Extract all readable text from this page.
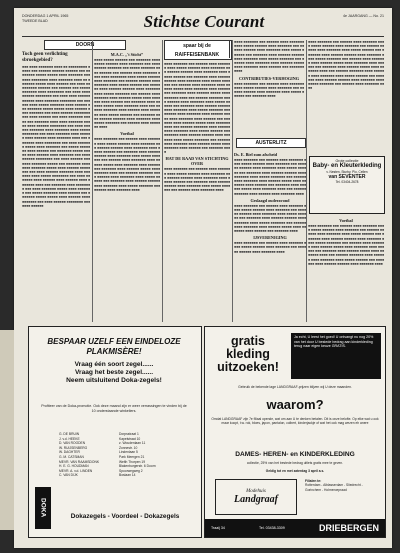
DONDERDAG 1 APRIL 1965
TWEEDE BLAD	Stichtse Courant	4e JAARGANG — No. 21
DOORN
Toch geen verlichting sbroekgebied?
■■■ ■■■■ ■■■■■■■ ■■■■ ■■ ■■■■■■■■■ ■■■■■ ■■■ ■■■■■■ ■■■■■■ ■■■■■■ ■■■ ■■■■■■■■ ■■■■■ ■■■■■ ■■■■ ■■■■■■■ ■■■ ■■■■ ■■■■■■■■ ■■■■ ■■■■■■■ ■■■■ ■■ ■■■■■■■ ■■■■■ ■■■■ ■■■■■■ ■■■ ■■■■ ■■■■■■■■■ ■■■■■■ ■■■ ■■■■■■ ■■■ ■■■■■ ■■■■■■■ ■■■■ ■■■■■■■■ ■■■ ■■■■ ■■■■ ■■■■■■ ■■■■■■■■ ■■■ ■■■■ ■■■■ ■■■■■■ ■■■■■■ ■■■■ ■■■■■■■ ■■■■■■■■ ■■■ ■■■■■■ ■■■■ ■■■■■ ■■■■■■■ ■■■■ ■■■■■■ ■■■ ■■■■■■■ ■■■■■ ■■■■■ ■■■■ ■■■■■■ ■■■■ ■■■■■■■ ■■■ ■■■■ ■■■■■■ ■■■■■■■■ ■■■ ■■■■ ■■■■■■ ■■■ ■■■■ ■■■■■■■ ■■■■■ ■■■ ■■■■■■■ ■■■■ ■■■■ ■■■■■■■ ■■■■■ ■■■■ ■■■■■■ ■■■■■■■■ ■■■ ■■■■ ■■■■■■ ■■■■■■■ ■■■■ ■■■■■■■ ■■■■ ■■■■■ ■■■■■■■■ ■■■ ■■■■ ■■■■■■■ ■■■■ ■■■■■■ ■■■■ ■■■■■■ ■■■■ ■■■■■■■ ■■■■ ■■■ ■■■■■■■ ■■■■ ■■■■■■■■ ■■■ ■■■■ ■■■■■■■ ■■■■■ ■■■■ ■■■■■■■ ■■■ ■■■■■ ■■■■■■■ ■■■■ ■■■■■■ ■■■ ■■■■■■■ ■■■■■ ■■■■■ ■■■■ ■■■■■■ ■■■■ ■■■■■■■ ■■■ ■■■■ ■■■■■■ ■■■■■■■■ ■■■ ■■■■ ■■■■■■ ■■■ ■■■■ ■■■■■■■ ■■■■■ ■■■ ■■■■■■■ ■■■■ ■■■■ ■■■■■■■ ■■■■■ ■■■■ ■■■■■■ ■■■■■■■■ ■■■ ■■■■ ■■■■■■ ■■■■■■■ ■■■■ ■■■■■■■ ■■■■ ■■■■■ ■■■■■■■■ ■■■ ■■■■ ■■■■■■■ ■■■■ ■■■■■■ ■■■■ ■■■■■■ ■■■■ ■■■■■■■ ■■■■ ■■■ ■■■■■■■ ■■■■ ■■■■■■■■ ■■■ ■■■■ ■■■■■■■ ■■■■■ ■■■■ ■■■■■■■ ■■■ ■■■■■ ■■■■■■■ ■■■■ ■■■■■■ ■■■ ■■■■■■■ ■■■■■ ■■■■■ ■■■■ ■■■■■■ ■■■■ ■■■■■■■ ■■■ ■■■■ ■■■■■■ ■■■■■■■■ ■■■ ■■■■ ■■■■■■
M.A.C. „'t Sticht”
■■■■ ■■■■■ ■■■■■■ ■■■ ■■■■■■■ ■■■■ ■■■■■ ■■■■■■ ■■■■ ■■■■■■■ ■■■ ■■■■ ■■■■■■ ■■■■■■■ ■■■ ■■■■■ ■■■■■■■ ■■■■ ■■■■■■ ■■■ ■■■■■■ ■■■■ ■■■■■■■ ■■■■ ■■■■ ■■■■■■■■ ■■■■ ■■■■■ ■■■■■■ ■■■■ ■■■■■■■ ■■■ ■■■■■■ ■■■■■■ ■■■■ ■■■■■■■ ■■■■ ■■■■■ ■■■■■■ ■■■ ■■■■■■■ ■■■■ ■■■■■■ ■■■■■■ ■■■■ ■■■■■■■ ■■■■ ■■■■■ ■■■■■■■ ■■■ ■■■■■■ ■■■■ ■■■■■■■ ■■■■ ■■■■■■ ■■■■■ ■■■■ ■■■■■■■ ■■■■ ■■■■■■ ■■■ ■■■■■■■ ■■■■ ■■■■■■ ■■■■■ ■■■■ ■■■■■■■ ■■■■ ■■■ ■■■■■■ ■■■■■■■ ■■■■ ■■■■■■ ■■■■ ■■■■■■■ ■■■■ ■■■■■ ■■■■■■ ■■■ ■■■■■■■ ■■■■ ■■■■■■ ■■■■■■ ■■■■ ■■■■■■■ ■■■■ ■■■■■ ■■■■■■■ ■■■ ■■■■■■ ■■■■ ■■■■■■■ ■■■■
Voetbal
■■■■ ■■■■■■■ ■■■ ■■■■■■ ■■■■ ■■■■■■■ ■■■■ ■■■■■ ■■■■■■ ■■■■ ■■■■■■■ ■■■ ■■■■■■ ■■■■■■ ■■■■ ■■■■■■■ ■■■■ ■■■■■ ■■■■■■ ■■■ ■■■■■■■ ■■■■ ■■■■■■ ■■■■■■ ■■■■ ■■■■■■■ ■■■■ ■■■■■ ■■■■■■■ ■■■ ■■■■■■ ■■■■ ■■■■■■■ ■■■■ ■■■■■■ ■■■■■ ■■■■ ■■■■■■■ ■■■■ ■■■■■■ ■■■ ■■■■■■■ ■■■■ ■■■■■■ ■■■■■ ■■■■ ■■■■■■■ ■■■■ ■■■ ■■■■■■ ■■■■■■■ ■■■■ ■■■■■■ ■■■■ ■■■■■■■ ■■■■ ■■■■■ ■■■■■■ ■■■ ■■■■■■■ ■■■■ ■■■■■■ ■■■■■■ ■■■■ ■■■■■■■ ■■■■ ■■■■■ ■■■■■■■ ■■■ ■■■■■■ ■■■■ ■■■■■■■ ■■■■
spaar bij de RAIFFEISENBANK
■■■■ ■■■■■■■ ■■■ ■■■■■■ ■■■■ ■■■■■■■ ■■■■ ■■■■■ ■■■■■■ ■■■■ ■■■■■■■ ■■■ ■■■■■■ ■■■■■■ ■■■■ ■■■■■■■ ■■■■ ■■■■■ ■■■■■■ ■■■ ■■■■■■■ ■■■■ ■■■■■■ ■■■■■■ ■■■■ ■■■■■■■ ■■■■ ■■■■■ ■■■■■■■ ■■■ ■■■■■■ ■■■■ ■■■■■■■ ■■■■ ■■■■■■ ■■■■■ ■■■■ ■■■■■■■ ■■■■ ■■■■■■ ■■■ ■■■■■■■ ■■■■ ■■■■■■ ■■■■■ ■■■■ ■■■■■■■ ■■■■ ■■■ ■■■■■■ ■■■■■■■ ■■■■ ■■■■■■ ■■■■ ■■■■■■■ ■■■■ ■■■■■ ■■■■■■ ■■■ ■■■■■■■ ■■■■ ■■■■■■ ■■■■■■ ■■■■ ■■■■■■■ ■■■■ ■■■■■ ■■■■■■■ ■■■ ■■■■■■ ■■■■ ■■■■■■■ ■■■■ ■■■■■■ ■■■■■ ■■■■ ■■■■■■■ ■■■■ ■■■■■■ ■■■ ■■■■■■■ ■■■■ ■■■■■■ ■■■■■ ■■■■ ■■■■■■■ ■■■■ ■■■ ■■■■■■ ■■■■■■■ ■■■■ ■■■■■■ ■■■■ ■■■■■■■ ■■■■ ■■■■■ ■■■■■■ ■■■ ■■■■■■■ ■■■■ ■■■■■■ ■■■■■■ ■■■■ ■■■■■■■ ■■■■ ■■■■■ ■■■■■■■ ■■■ ■■■■■■ ■■■■ ■■■■■■■ ■■■■ ■■■■■■ ■■■■■ ■■■■ ■■■■■■■ ■■■■ ■■■■■■ ■■■ ■■■■■■■ ■■■■
HAT DE RAAD VAN STICHTING OVER
■■■■ ■■■■■■■ ■■■ ■■■■■■ ■■■■ ■■■■■■■ ■■■■ ■■■■■ ■■■■■■ ■■■■ ■■■■■■■ ■■■ ■■■■■■ ■■■■■■ ■■■■ ■■■■■■■ ■■■■ ■■■■■ ■■■■■■ ■■■ ■■■■■■■ ■■■■ ■■■■■■ ■■■■■■ ■■■■ ■■■■■■■ ■■■■ ■■■■■ ■■■■■■■ ■■■ ■■■■■■ ■■■■ ■■■■■■■ ■■■■
■■■■ ■■■■■■■ ■■■ ■■■■■■ ■■■■ ■■■■■■■ ■■■■ ■■■■■ ■■■■■■ ■■■■ ■■■■■■■ ■■■ ■■■■■■ ■■■■■■ ■■■■ ■■■■■■■ ■■■■ ■■■■■ ■■■■■■ ■■■ ■■■■■■■ ■■■■ ■■■■■■ ■■■■■■ ■■■■ ■■■■■■■ ■■■■ ■■■■■ ■■■■■■■ ■■■ ■■■■■■ ■■■■ ■■■■■■■ ■■■■ ■■■■■■ ■■■■■ ■■■■ ■■■■■■■ ■■■■ ■■■■■■ ■■■ ■■■■■■■ ■■■■
CONTRIBUTIES-VERHOGING
■■■■ ■■■■■■■ ■■■ ■■■■■■ ■■■■ ■■■■■■■ ■■■■ ■■■■■ ■■■■■■ ■■■■ ■■■■■■■ ■■■ ■■■■■■ ■■■■■■ ■■■■ ■■■■■■■ ■■■■ ■■■■■ ■■■■■■ ■■■ ■■■■■■■ ■■■■
■■■■ ■■■■■■■ ■■■ ■■■■■■ ■■■■ ■■■■■■■ ■■■■ ■■■■■ ■■■■■■ ■■■■ ■■■■■■■ ■■■ ■■■■■■ ■■■■■■ ■■■■ ■■■■■■■ ■■■■ ■■■■■ ■■■■■■ ■■■ ■■■■■■■ ■■■■ ■■■■■■ ■■■■■■ ■■■■ ■■■■■■■ ■■■■ ■■■■■ ■■■■■■■ ■■■ ■■■■■■ ■■■■ ■■■■■■■ ■■■■ ■■■■■■ ■■■■■ ■■■■ ■■■■■■■ ■■■■ ■■■■■■ ■■■ ■■■■■■■ ■■■■ ■■■■■■ ■■■■■ ■■■■ ■■■■■■■ ■■■■ ■■■ ■■■■■■ ■■■■■■■ ■■■■ ■■■■■■ ■■■■ ■■■■■■■ ■■■■ ■■■■■ ■■■■■■ ■■■ ■■■■■■■ ■■■■ ■■■■■■ ■■■■■■ ■■■■ ■■■■■■■ ■■■■ ■■■■■ ■■■■■■■ ■■■ ■■■■■■ ■■■■ ■■■■■■■ ■■■■
AUSTERLITZ
Ds. E. Biel zum afscheid
■■■■ ■■■■■■■ ■■■ ■■■■■■ ■■■■ ■■■■■■■ ■■■■ ■■■■■ ■■■■■■ ■■■■ ■■■■■■■ ■■■ ■■■■■■ ■■■■■■ ■■■■ ■■■■■■■ ■■■■ ■■■■■ ■■■■■■ ■■■ ■■■■■■■ ■■■■ ■■■■■■ ■■■■■■ ■■■■ ■■■■■■■ ■■■■ ■■■■■ ■■■■■■■ ■■■ ■■■■■■ ■■■■ ■■■■■■■ ■■■■ ■■■■■■ ■■■■■ ■■■■ ■■■■■■■ ■■■■ ■■■■■■ ■■■ ■■■■■■■ ■■■■ ■■■■■■ ■■■■■ ■■■■ ■■■■■■■ ■■■■ ■■■ ■■■■■■ ■■■■■■■ ■■■■ ■■■■■■ ■■■■ ■■■■■■■ ■■■■
Geslaagd ouderavond
■■■■ ■■■■■■■ ■■■ ■■■■■■ ■■■■ ■■■■■■■ ■■■■ ■■■■■ ■■■■■■ ■■■■ ■■■■■■■ ■■■ ■■■■■■ ■■■■■■ ■■■■ ■■■■■■■ ■■■■ ■■■■■ ■■■■■■ ■■■ ■■■■■■■ ■■■■ ■■■■■■ ■■■■■■ ■■■■ ■■■■■■■ ■■■■ ■■■■■ ■■■■■■■ ■■■ ■■■■■■ ■■■■ ■■■■■■■ ■■■■ ■■■■■■ ■■■■■ ■■■■ ■■■■■■■ ■■■■ ■■■■■■ ■■■ ■■■■■■■ ■■■■
IJSVERENIGING
■■■■ ■■■■■■■ ■■■ ■■■■■■ ■■■■ ■■■■■■■ ■■■■ ■■■■■ ■■■■■■ ■■■■ ■■■■■■■ ■■■ ■■■■■■ ■■■■■■ ■■■■ ■■■■■■■ ■■■■
Grote collectie
Baby- en Kleuterkleding
v. Nesten, Sturby, Plo, Cellen
van SEVENTER
Tel. 03404-2678
Voetbal
■■■■ ■■■■■■■ ■■■ ■■■■■■ ■■■■ ■■■■■■■ ■■■■ ■■■■■ ■■■■■■ ■■■■ ■■■■■■■ ■■■ ■■■■■■ ■■■■■■ ■■■■ ■■■■■■■ ■■■■ ■■■■■ ■■■■■■ ■■■ ■■■■■■■ ■■■■ ■■■■■■ ■■■■■■ ■■■■ ■■■■■■■ ■■■■ ■■■■■ ■■■■■■■ ■■■ ■■■■■■ ■■■■ ■■■■■■■ ■■■■ ■■■■■■ ■■■■■ ■■■■ ■■■■■■■ ■■■■ ■■■■■■ ■■■ ■■■■■■■ ■■■■ ■■■■■■ ■■■■■ ■■■■ ■■■■■■■ ■■■■ ■■■ ■■■■■■ ■■■■■■■ ■■■■ ■■■■■■ ■■■■ ■■■■■■■ ■■■■ ■■■■■ ■■■■■■ ■■■ ■■■■■■■ ■■■■ ■■■■■■ ■■■■■■ ■■■■ ■■■■■■■ ■■■■
BESPAAR UZELF EEN EINDELOZE PLAKMISÈRE!
Vraag één soort zegel......
Vraag het beste zegel......
Neem uitsluitend Doka-zegels!
Profiteer van de Doka-promotie. Ook deze maand zijn er weer verrassingen te vinden bij de 10 onderstaande winkeliers.
G. DE BRUIN	Dorpsstraat 1
J. v.d. HEEKE	Kapelstraat 10
D. VAN ROODEN	z. Woudenlaan 11
W. RUIJSENBERG	Zonnestr. 10
W. DAGHTER	Lindenlaan 5
G. M. CATSMAN	Park Meergen 21
MEVR. VAN RAAMSDONK	Welth Thorpen 19
H. E. G. HOUDMAN	Blakenburgerstr. 6 Doorn
MEVR. A. v.d. LINDEN	Spoorwegweg 2
C. VAN DIJK	Boslaan 14
DOKA	Dokazegels - Voordeel - Dokazegels
gratis kleding uitzoeken!
Ja echt, U leest het goed! U ontvangt nu nog 20% van het door U bestede bedrag aan kinderkleding terug naar eigen keuze GRATIS.
Gebruik de bekende lage LANDGRAAF-prijzen blijven wij U deze maanden.
waarom?
Omdat LANDGRAAF zijn 7e filiaal opende, wat om aan U te denken betalen. Dit is onze belofte. Op elke wat u ook maar koopt, t.w. rok, bloes, japon, pantalon, colbert, kinderjackje of wat het ook mag wezen eh anere
DAMES- HEREN- en KINDERKLEDING
collectie, 25% van het bestede bedrag ultlets gratis mee te geven.
Geldig tot en met zaterdag 3 april a.s.
Modehuis
Landgraaf
Filialen te:
Rotterdam - Alblasserdam - Sliedrecht - Gorinchem - Holmeroepraad
Traaij 34	Tel. 03438-3309	DRIEBERGEN
